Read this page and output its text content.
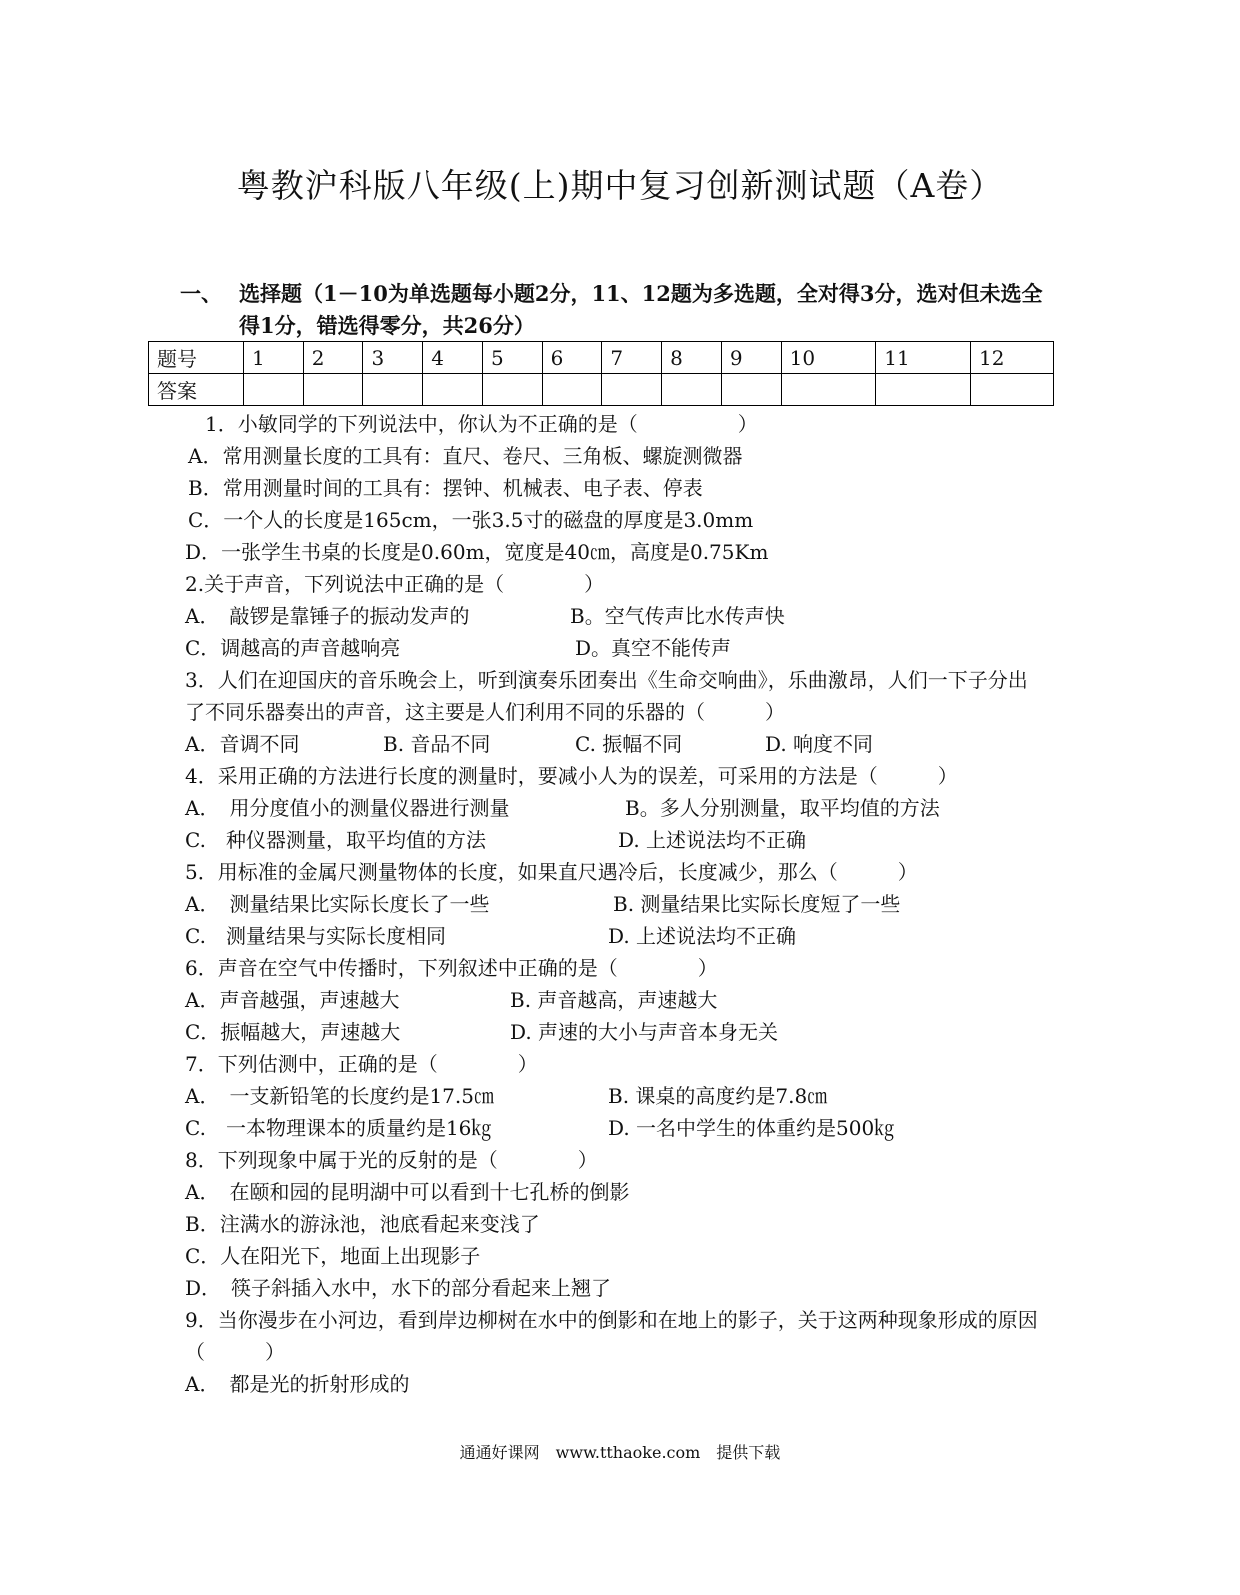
粤教沪科版八年级(上)期中复习创新测试题（A卷）
一、 选择题（1－10为单选题每小题2分，11、12题为多选题，全对得3分，选对但未选全得1分，错选得零分，共26分）
题号	1	2	3	4	5	6	7	8	9	10	11	12
答案												
1．小敏同学的下列说法中，你认为不正确的是（　　　　　）
A．常用测量长度的工具有：直尺、卷尺、三角板、螺旋测微器
B．常用测量时间的工具有：摆钟、机械表、电子表、停表
C．一个人的长度是165cm，一张3.5寸的磁盘的厚度是3.0mm
D．一张学生书桌的长度是0.60m，宽度是40㎝，高度是0.75Km
2.关于声音，下列说法中正确的是（　　　　）
A．　敲锣是靠锤子的振动发声的	B。空气传声比水传声快
C．调越高的声音越响亮	D。真空不能传声
3．人们在迎国庆的音乐晚会上，听到演奏乐团奏出《生命交响曲》，乐曲激昂，人们一下子分出了不同乐器奏出的声音，这主要是人们利用不同的乐器的（　　　）
A．音调不同	B. 音品不同	C. 振幅不同	D. 响度不同
4．采用正确的方法进行长度的测量时，要减小人为的误差，可采用的方法是（　　　）
A．　用分度值小的测量仪器进行测量	B。多人分别测量，取平均值的方法
C.　种仪器测量，取平均值的方法	D. 上述说法均不正确
5．用标准的金属尺测量物体的长度，如果直尺遇冷后，长度减少，那么（　　　）
A．　测量结果比实际长度长了一些	B. 测量结果比实际长度短了一些
C.　测量结果与实际长度相同	D. 上述说法均不正确
6．声音在空气中传播时，下列叙述中正确的是（　　　　）
A．声音越强，声速越大	B. 声音越高，声速越大
C．振幅越大，声速越大	D. 声速的大小与声音本身无关
7．下列估测中，正确的是（　　　　）
A．　一支新铅笔的长度约是17.5㎝	B. 课桌的高度约是7.8㎝
C.　一本物理课本的质量约是16㎏	D. 一名中学生的体重约是500㎏
8．下列现象中属于光的反射的是（　　　　）
A．　在颐和园的昆明湖中可以看到十七孔桥的倒影
B．注满水的游泳池，池底看起来变浅了
C．人在阳光下，地面上出现影子
D．　筷子斜插入水中，水下的部分看起来上翘了
9．当你漫步在小河边，看到岸边柳树在水中的倒影和在地上的影子，关于这两种现象形成的原因（　　　）
A．　都是光的折射形成的
通通好课网　www.tthaoke.com　提供下载
